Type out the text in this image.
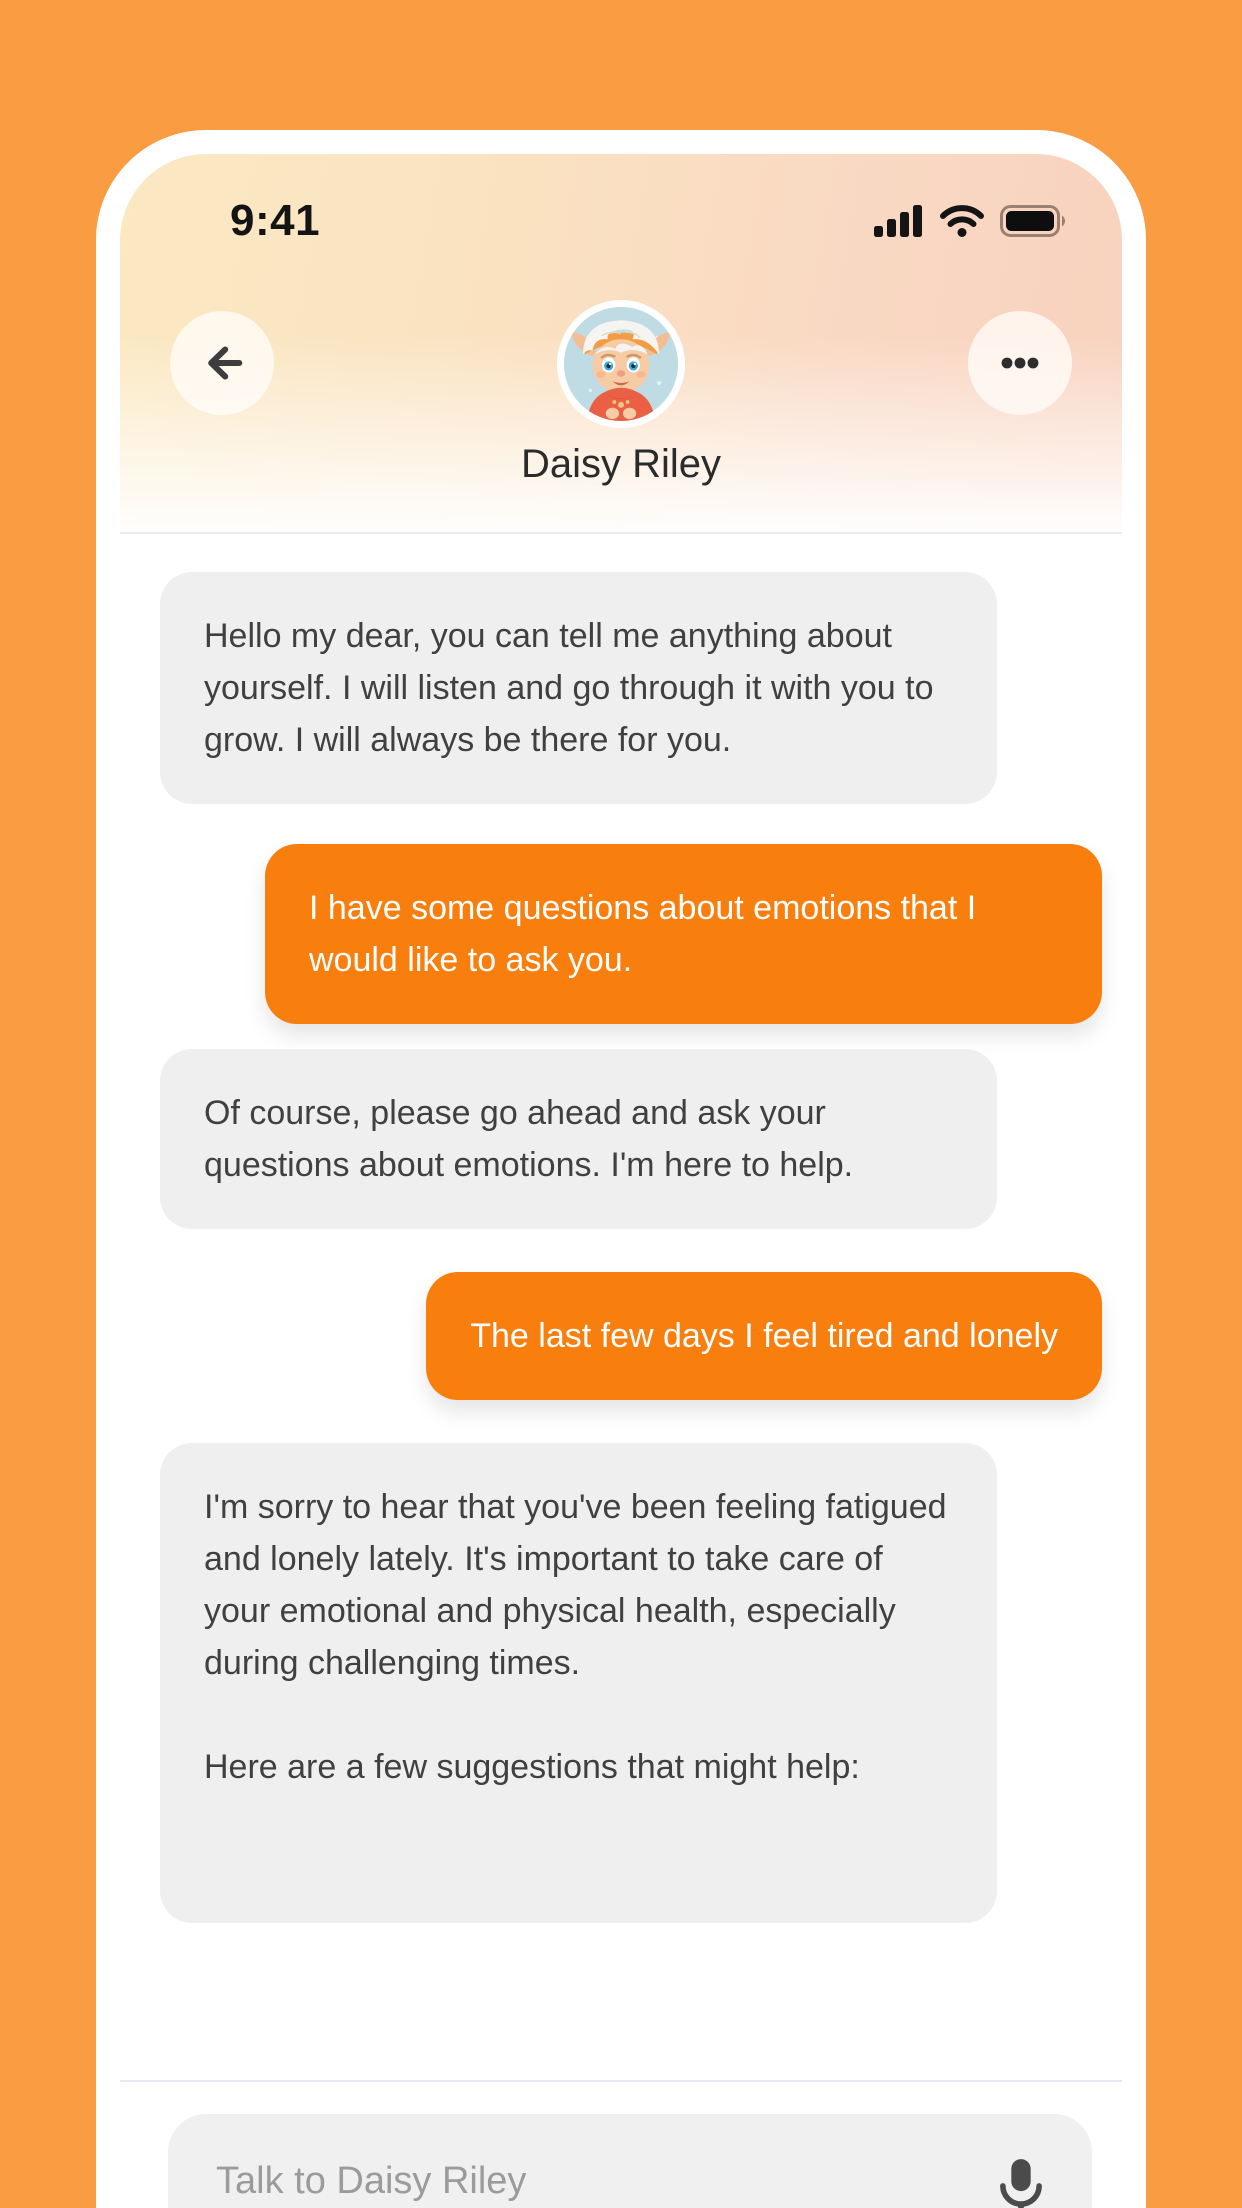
9:41
Daisy Riley
Hello my dear, you can tell me anything about yourself. I will listen and go through it with you to grow. I will always be there for you.
I have some questions about emotions that I would like to ask you.
Of course, please go ahead and ask your questions about emotions. I'm here to help.
The last few days I feel tired and lonely

I'm sorry to hear that you've been feeling fatigued and lonely lately. It's important to take care of your emotional and physical health, especially during challenging times.

Here are a few suggestions that might help:

Talk to Daisy Riley
